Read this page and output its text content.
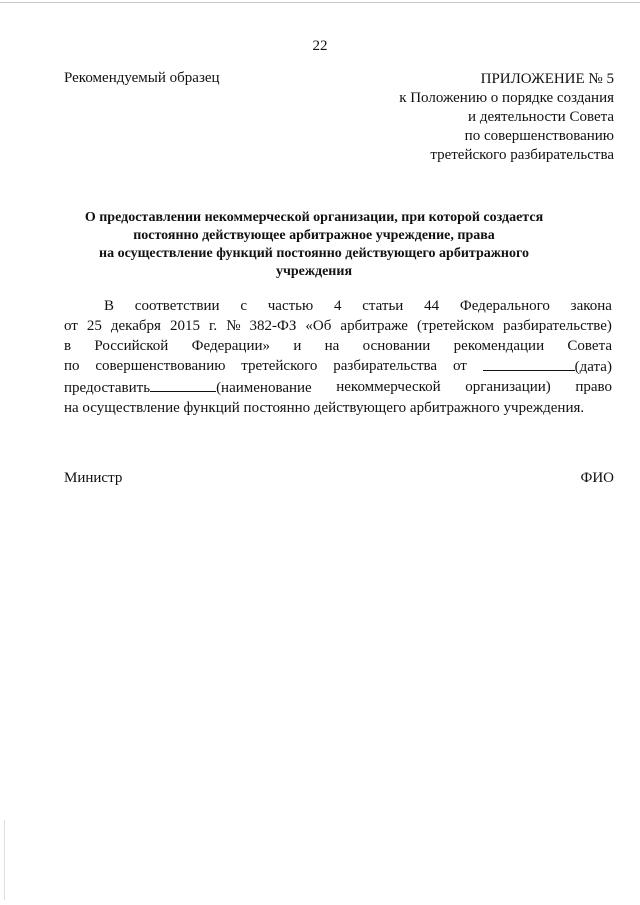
22
Рекомендуемый образец	ПРИЛОЖЕНИЕ № 5
к Положению о порядке создания
и деятельности Совета
по совершенствованию
третейского разбирательства
О предоставлении некоммерческой организации, при которой создается
постоянно действующее арбитражное учреждение, права
на осуществление функций постоянно действующего арбитражного
учреждения
В соответствии с частью 4 статьи 44 Федерального закона
от 25 декабря 2015 г. № 382-ФЗ «Об арбитраже (третейском разбирательстве)
в Российской Федерации» и на основании рекомендации Совета
по совершенствованию третейского разбирательства от	(дата)
предоставить	(наименование некоммерческой организации) право
на осуществление функций постоянно действующего арбитражного учреждения.
Министр	ФИО
